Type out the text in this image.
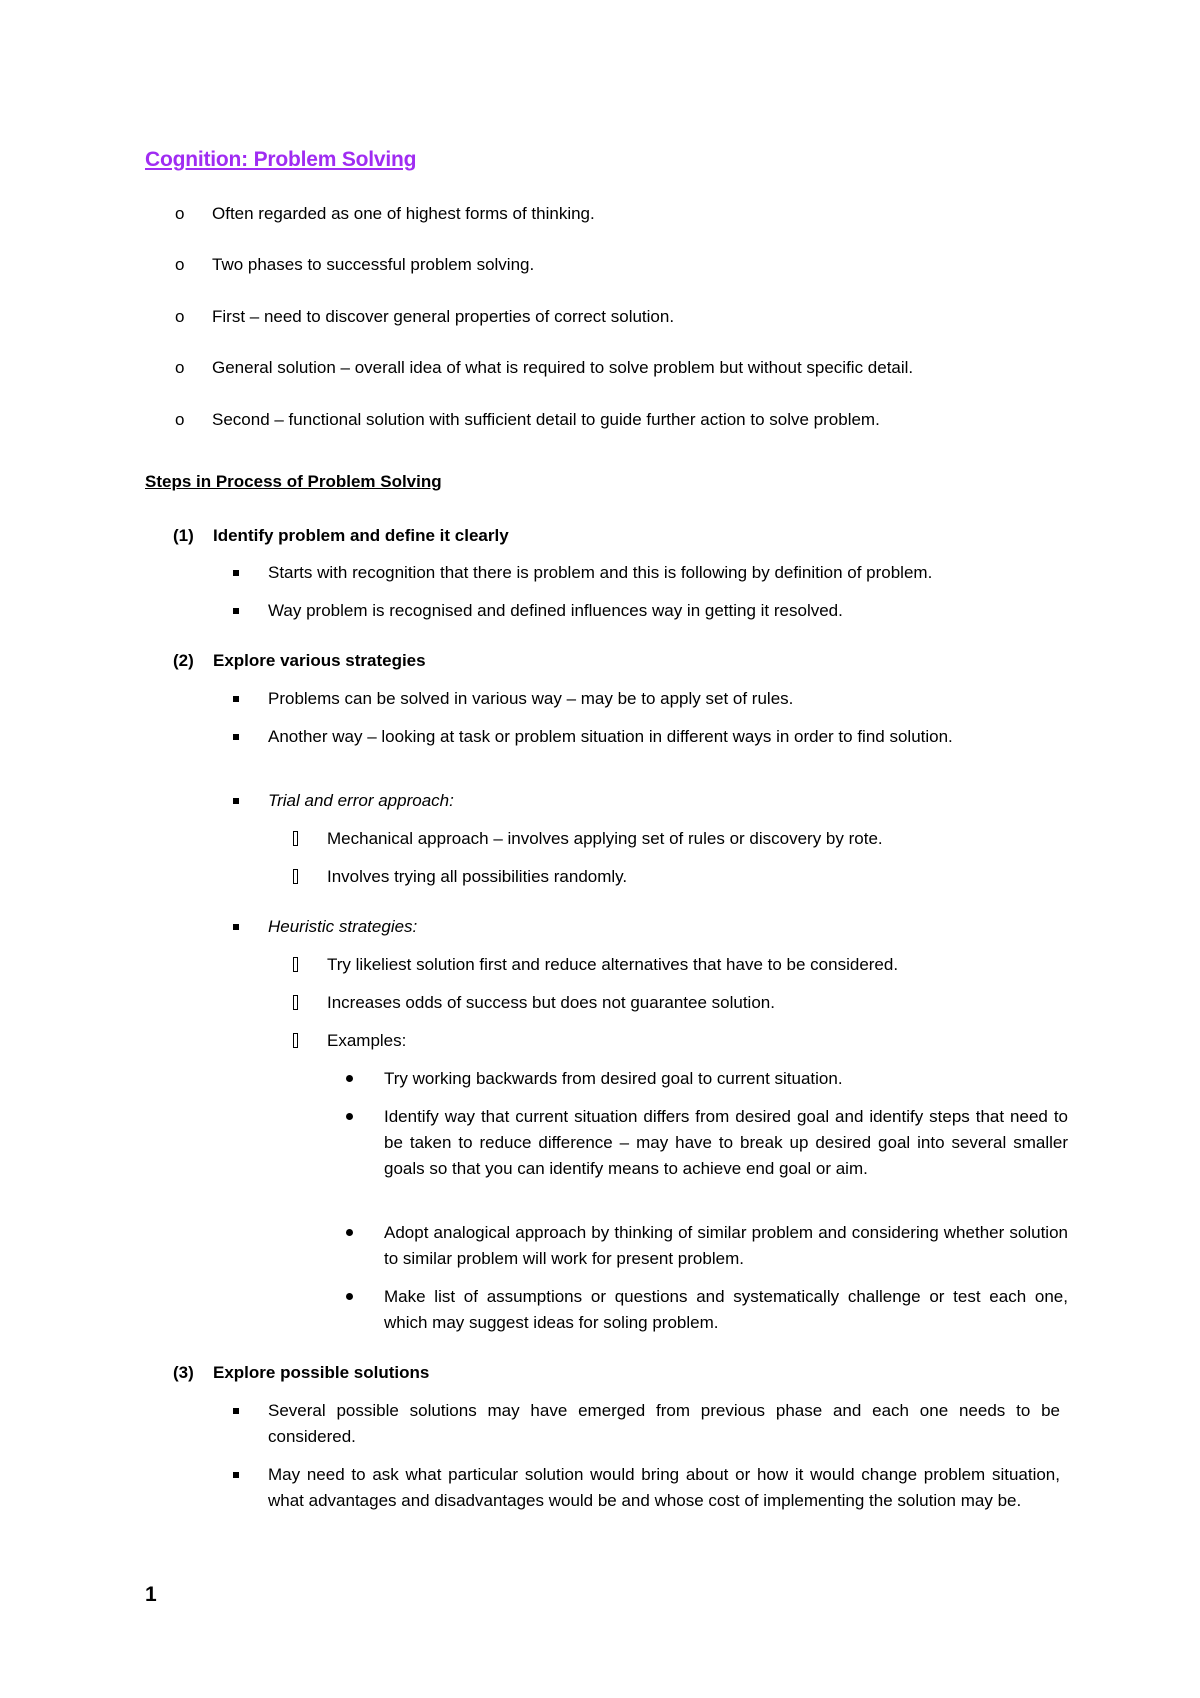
Cognition: Problem Solving
o Often regarded as one of highest forms of thinking.
o Two phases to successful problem solving.
o First – need to discover general properties of correct solution.
o General solution – overall idea of what is required to solve problem but without specific detail.
o Second – functional solution with sufficient detail to guide further action to solve problem.
Steps in Process of Problem Solving
(1) Identify problem and define it clearly
Starts with recognition that there is problem and this is following by definition of problem.
Way problem is recognised and defined influences way in getting it resolved.
(2) Explore various strategies
Problems can be solved in various way – may be to apply set of rules.
Another way – looking at task or problem situation in different ways in order to find solution.
Trial and error approach:
Mechanical approach – involves applying set of rules or discovery by rote.
Involves trying all possibilities randomly.
Heuristic strategies:
Try likeliest solution first and reduce alternatives that have to be considered.
Increases odds of success but does not guarantee solution.
Examples:
Try working backwards from desired goal to current situation.
Identify way that current situation differs from desired goal and identify steps that need to be taken to reduce difference – may have to break up desired goal into several smaller goals so that you can identify means to achieve end goal or aim.
Adopt analogical approach by thinking of similar problem and considering whether solution to similar problem will work for present problem.
Make list of assumptions or questions and systematically challenge or test each one, which may suggest ideas for soling problem.
(3) Explore possible solutions
Several possible solutions may have emerged from previous phase and each one needs to be considered.
May need to ask what particular solution would bring about or how it would change problem situation, what advantages and disadvantages would be and whose cost of implementing the solution may be.
1
